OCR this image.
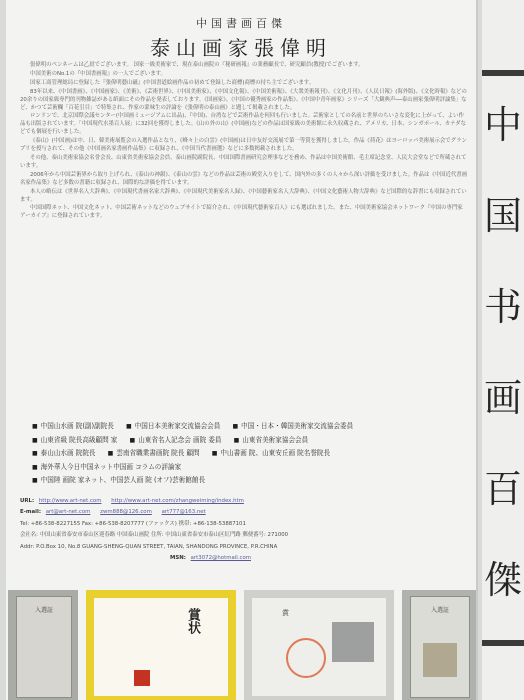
中国書画百傑
泰山画家張偉明

張偉明のペンネームは乙晨でございます。 国家一級美術家で、現在泰山画院の『秘研画報』の業務顧長で、研究顧員(教授)でございます。

中国美術のNo.1の『中国書画報』の一人でございます。

国家工商管理総局に登録した『張偉明藝山磁』(中国書道絵画作品の初めて登録した商標)商標の持ち主でございます。

83年以来、《中国書画》、《中国画家》、《美術》、《芸術世界》、《中国美術家》、《中国文化報》、《中国美術報》、《大衆美術報刊》、《文化月刊》、《人民日報》(海外版)、《文化時報》などの20余りの国家級専門的刊物雑誌がある紙面にその作品を発表しております。《国画家》、《中国の優秀画家の作品集》、《中国中青年画家》シリーズ「大観典声──泰山画家張偉明評論集」など、かつて芸術欄「百花引目」で特集され、作家の蒙味生の評論を《張偉明の泰山画》と題して掲載されました。

ロンドンで、北京国際会議センター(中国画ミュージアムに出品)、『中国)、台湾などで芸術作品を何回も行いました。芸術家としての名前と世界のちいさな変化に上がって、よい作品も出版されています。「中国現代水墨百人展」に32回を獲得しました。《山の外の山》(中国画)などの作品は国家級の美術館に永久収蔵され、アメリカ、日本、シンガポール、カナダなどでも個展を行いました。

《泰山》(中国画)は中、日、韓美術展覧会の入選作品となり、《峰々上の白雲》(中国画)は日中友好交流展で第一等賞を獲得しました。作品《荷花》はヨーロッパ美術展示会でグランプリを授与されて、その他《中国画名家書画作品集》に収録され、《中国当代書画選》などに多数掲載されました。

その他、泰山美術家協会名誉会長、山東省美術家協会会員、泰山画院副院長、中国国際書画研究会理事などを務め、作品は中国美術館、毛主席記念堂、人民大会堂などで所蔵されています。

2006年から中国芸術界から取り上げられ、《泰山の神韻》、《泰山の雲》などの作品は芸術の殿堂入りをして、国内外の多くの人々から深い評価を受けました。作品は《中国近代書画名家作品集》など多数の書籍に収録され、国際的な評価を得ています。

本人の略伝は《世界名人大辞典》、《中国現代書画名家大辞典》、《中国現代美術家名人録》、《中国藝術家名人大辞典》、《中国文化藝術人物大辞典》など国際的な辞書にも収録されています。

中国国際ネット、中国文化ネット、中国芸術ネットなどのウェブサイトで紹介され、《中国現代藝術家百人》にも選ばれました。また、中国美術家協会ネットワーク『中国の専門家アーカイブ』に登録されています。

■ 中国山水画 院(副)副院長	■ 中国日本美術家交流協会会員	■ 中国・日本・韓国美術家交流協会委員
■ 山東省級 院長高級顧問 家	■ 山東省名人記念会 画院 委員	■ 山東省美術家協会会員
■ 泰山山水画 院院長	■ 雲南省職業書画院 院長 顧問	■ 中山書画 院、山東安丘画 院名誉院長
■ 海外華人今日中国ネット中国画 コラムの評論家
■ 中国陸 画院 家ネット、中国芸人画 院 (オフ)芸術館館長
URL: http://www.art-net.com http://www.art-net.com/zhangweiming/index.htm
E-mail: art@art-net.com zwm888@126.com art777@163.net
Tel: +86-538-8227155 Fax: +86-538-8207777 (ファックス) 携帯: +86-138-53887101
会社名: 中国山東省泰安市泰山区迎春路 中国泰山画院 住所: 中国山東省泰安市泰山区紅門路 郵便番号: 271000
Addr: P.O.Box 10, No.8 GUANG-SHENG-QUAN STREET, TAIAN, SHANDONG PROVINCE, P.R.CHINA
MSN: art3072@hotmail.com
入選証	賞状	賞	入選証
中
国
书
画
百
傑
